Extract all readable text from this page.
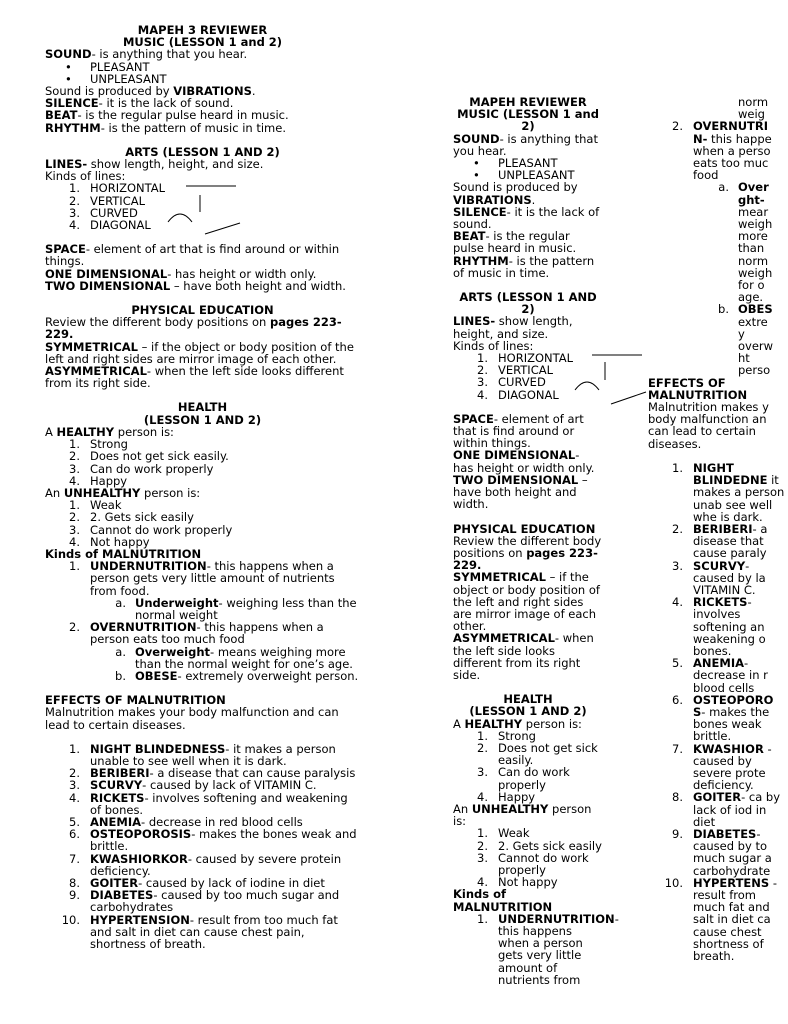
MAPEH 3 REVIEWER

MUSIC (LESSON 1 and 2)

SOUND- is anything that you hear.

• PLEASANT
• UNPLEASANT

Sound is produced by VIBRATIONS.

SILENCE- it is the lack of sound.

BEAT- is the regular pulse heard in music.

RHYTHM- is the pattern of music in time.

ARTS (LESSON 1 AND 2)

LINES- show length, height, and size.

Kinds of lines:

1. HORIZONTAL
2. VERTICAL
3. CURVED
4. DIAGONAL

SPACE- element of art that is find around or within things.

ONE DIMENSIONAL- has height or width only.

TWO DIMENSIONAL – have both height and width.

PHYSICAL EDUCATION

Review the different body positions on pages 223-229.

SYMMETRICAL – if the object or body position of the left and right sides are mirror image of each other.

ASYMMETRICAL- when the left side looks different from its right side.

HEALTH

(LESSON 1 AND 2)

A HEALTHY person is:

1. Strong
2. Does not get sick easily.
3. Can do work properly
4. Happy

An UNHEALTHY person is:

1. Weak
2. 2. Gets sick easily
3. Cannot do work properly
4. Not happy

Kinds of MALNUTRITION

1. UNDERNUTRITION- this happens when a person gets very little amount of nutrients from food.
a. Underweight- weighing less than the normal weight
2. OVERNUTRITION- this happens when a person eats too much food
a. Overweight- means weighing more than the normal weight for one’s age.
b. OBESE- extremely overweight person.

EFFECTS OF MALNUTRITION

Malnutrition makes your body malfunction and can lead to certain diseases.

1. NIGHT BLINDEDNESS- it makes a person unable to see well when it is dark.
2. BERIBERI- a disease that can cause paralysis
3. SCURVY- caused by lack of VITAMIN C.
4. RICKETS- involves softening and weakening of bones.
5. ANEMIA- decrease in red blood cells
6. OSTEOPOROSIS- makes the bones weak and brittle.
7. KWASHIORKOR- caused by severe protein deficiency.
8. GOITER- caused by lack of iodine in diet
9. DIABETES- caused by too much sugar and carbohydrates
10. HYPERTENSION- result from too much fat and salt in diet can cause chest pain, shortness of breath.

MAPEH REVIEWER

MUSIC (LESSON 1 and

2)

SOUND- is anything that you hear.

• PLEASANT
• UNPLEASANT

Sound is produced by VIBRATIONS.

SILENCE- it is the lack of sound.

BEAT- is the regular pulse heard in music.

RHYTHM- is the pattern of music in time.

ARTS (LESSON 1 AND

2)

LINES- show length, height, and size.

Kinds of lines:

1. HORIZONTAL
2. VERTICAL
3. CURVED
4. DIAGONAL

SPACE- element of art that is find around or within things.

ONE DIMENSIONAL- has height or width only.

TWO DIMENSIONAL – have both height and width.

PHYSICAL EDUCATION

Review the different body positions on pages 223-229.

SYMMETRICAL – if the object or body position of the left and right sides are mirror image of each other.

ASYMMETRICAL- when the left side looks different from its right side.

HEALTH

(LESSON 1 AND 2)

A HEALTHY person is:

1. Strong
2. Does not get sick easily.
3. Can do work properly
4. Happy

An UNHEALTHY person is:

1. Weak
2. 2. Gets sick easily
3. Cannot do work properly
4. Not happy

Kinds of MALNUTRITION

1. UNDERNUTRITION- this happens when a person gets very little amount of nutrients from

norm

weig

2. OVERNUTRI
N- this happe when a perso eats too muc food
a. Over ght- mear weigh more than norm weigh for o age.
b. OBES extre y overw ht perso

EFFECTS OF MALNUTRITION

Malnutrition makes y body malfunction an can lead to certain diseases.

1. NIGHT BLINDEDNE it makes a person unab see well whe is dark.
2. BERIBERI- a disease that cause paraly
3. SCURVY- caused by la VITAMIN C.
4. RICKETS- involves softening an weakening o bones.
5. ANEMIA- decrease in r blood cells
6. OSTEOPORO S- makes the bones weak brittle.
7. KWASHIOR - caused by severe prote deficiency.
8. GOITER- ca by lack of iod in diet
9. DIABETES- caused by to much sugar a carbohydrate
10. HYPERTENS - result from much fat and salt in diet ca cause chest shortness of breath.
